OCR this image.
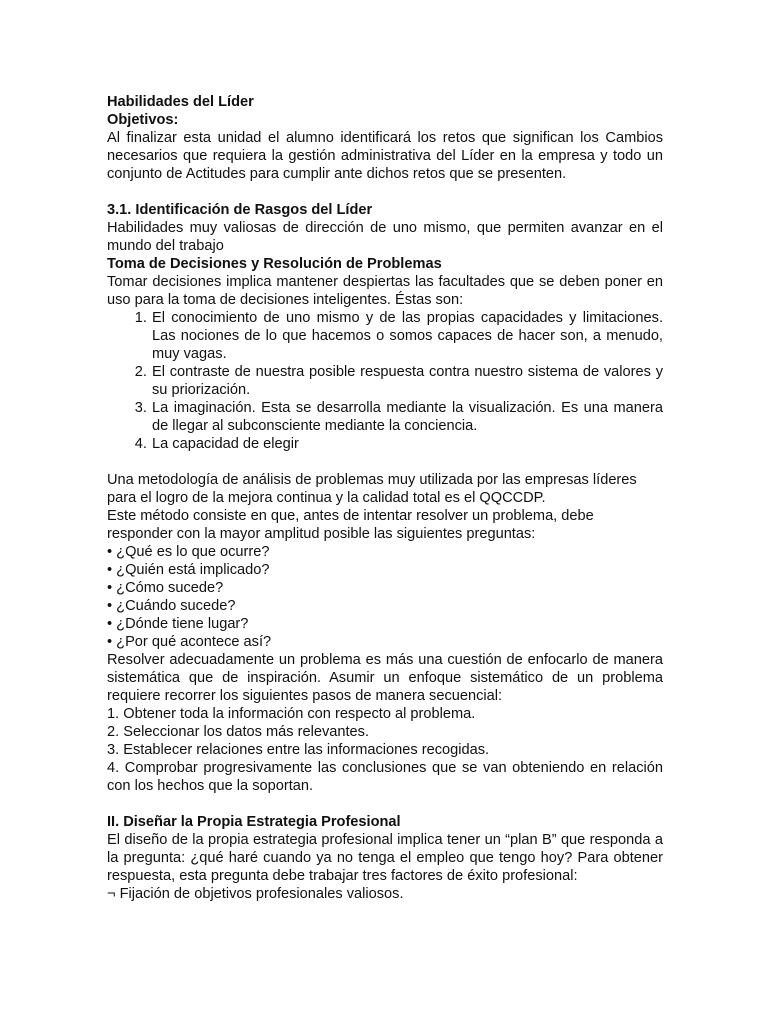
Habilidades del Líder

Objetivos:

Al finalizar esta unidad el alumno identificará los retos que significan los Cambios necesarios que requiera la gestión administrativa del Líder en la empresa y todo un conjunto de Actitudes para cumplir ante dichos retos que se presenten.

3.1. Identificación de Rasgos del Líder

Habilidades muy valiosas de dirección de uno mismo, que permiten avanzar en el mundo del trabajo

Toma de Decisiones y Resolución de Problemas

Tomar decisiones implica mantener despiertas las facultades que se deben poner en uso para la toma de decisiones inteligentes. Éstas son:

1. El conocimiento de uno mismo y de las propias capacidades y limitaciones. Las nociones de lo que hacemos o somos capaces de hacer son, a menudo, muy vagas.
2. El contraste de nuestra posible respuesta contra nuestro sistema de valores y su priorización.
3. La imaginación. Esta se desarrolla mediante la visualización. Es una manera de llegar al subconsciente mediante la conciencia.
4. La capacidad de elegir

Una metodología de análisis de problemas muy utilizada por las empresas líderes para el logro de la mejora continua y la calidad total es el QQCCDP.

Este método consiste en que, antes de intentar resolver un problema, debe responder con la mayor amplitud posible las siguientes preguntas:

• ¿Qué es lo que ocurre?
• ¿Quién está implicado?
• ¿Cómo sucede?
• ¿Cuándo sucede?
• ¿Dónde tiene lugar?
• ¿Por qué acontece así?

Resolver adecuadamente un problema es más una cuestión de enfocarlo de manera sistemática que de inspiración. Asumir un enfoque sistemático de un problema requiere recorrer los siguientes pasos de manera secuencial:

1. Obtener toda la información con respecto al problema.
2. Seleccionar los datos más relevantes.
3. Establecer relaciones entre las informaciones recogidas.
4. Comprobar progresivamente las conclusiones que se van obteniendo en relación con los hechos que la soportan.

II. Diseñar la Propia Estrategia Profesional

El diseño de la propia estrategia profesional implica tener un “plan B” que responda a la pregunta: ¿qué haré cuando ya no tenga el empleo que tengo hoy? Para obtener respuesta, esta pregunta debe trabajar tres factores de éxito profesional:

¬ Fijación de objetivos profesionales valiosos.
